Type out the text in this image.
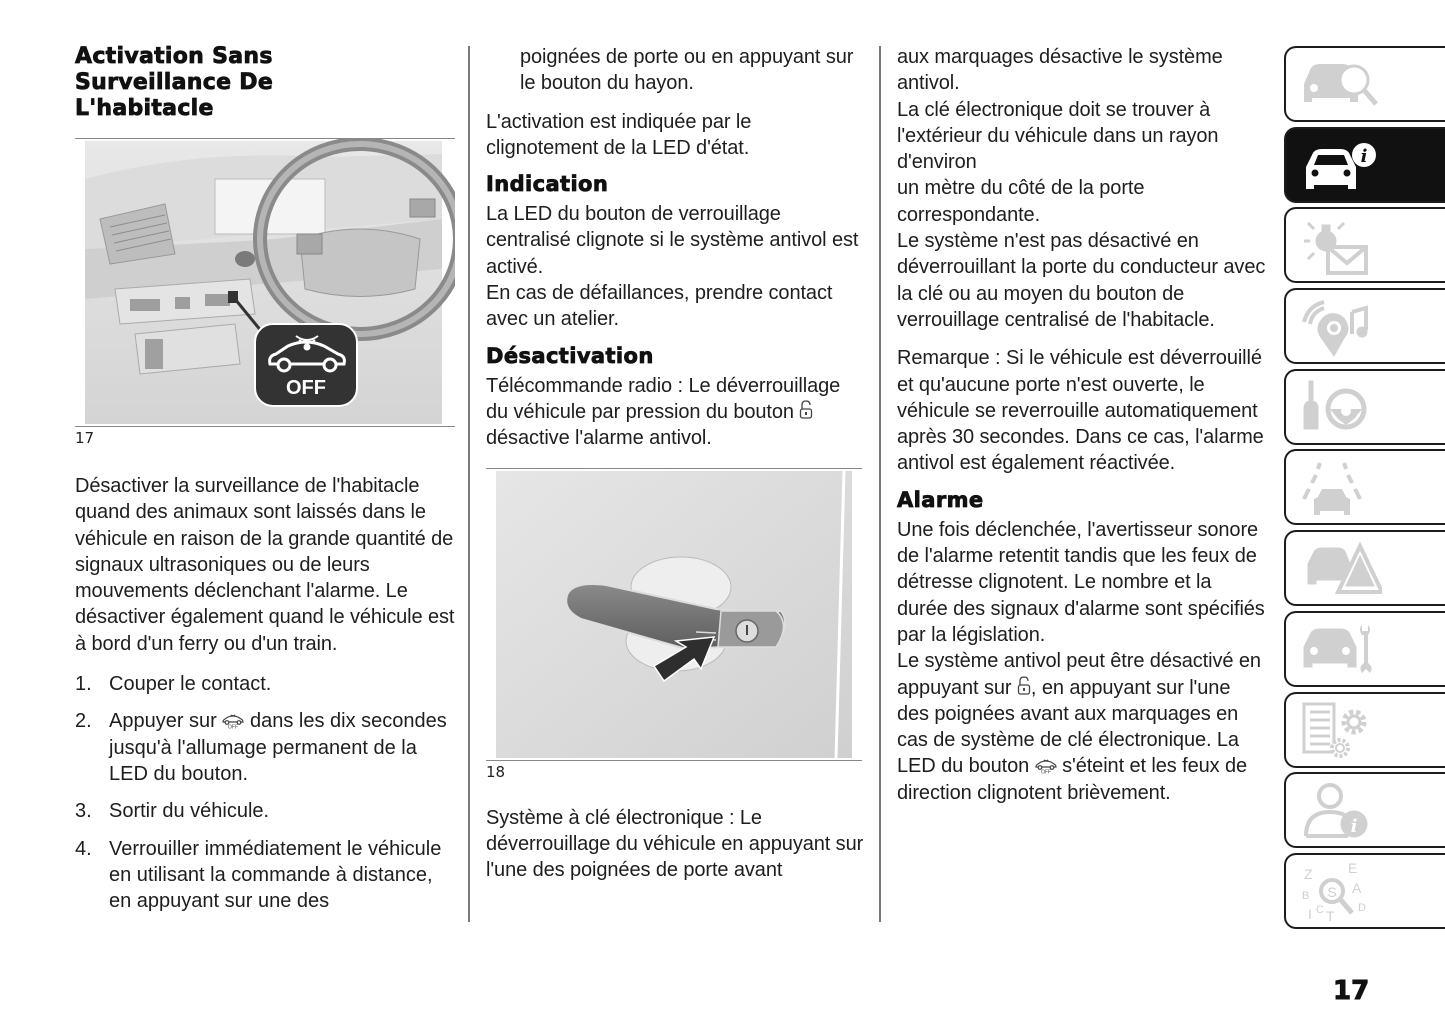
Activation Sans
Surveillance De
L'habitacle
OFF
17

Désactiver la surveillance de l'habitacle quand des animaux sont laissés dans le véhicule en raison de la grande quantité de signaux ultrasoniques ou de leurs mouvements déclenchant l'alarme. Le désactiver également quand le véhicule est à bord d'un ferry ou d'un train.

1. Couper le contact.
2. Appuyer sur OFF dans les dix secondes jusqu'à l'allumage permanent de la LED du bouton.
3. Sortir du véhicule.
4. Verrouiller immédiatement le véhicule en utilisant la commande à distance, en appuyant sur une des

poignées de porte ou en appuyant sur le bouton du hayon.

L'activation est indiquée par le clignotement de la LED d'état.

Indication

La LED du bouton de verrouillage centralisé clignote si le système antivol est activé.

En cas de défaillances, prendre contact avec un atelier.

Désactivation

Télécommande radio : Le déverrouillage du véhicule par pression du bouton  désactive l'alarme antivol.

18

Système à clé électronique : Le déverrouillage du véhicule en appuyant sur l'une des poignées de porte avant

aux marquages désactive le système antivol.

La clé électronique doit se trouver à l'extérieur du véhicule dans un rayon d'environ

un mètre du côté de la porte correspondante.

Le système n'est pas désactivé en déverrouillant la porte du conducteur avec la clé ou au moyen du bouton de verrouillage centralisé de l'habitacle.

Remarque : Si le véhicule est déverrouillé et qu'aucune porte n'est ouverte, le véhicule se reverrouille automatiquement après 30 secondes. Dans ce cas, l'alarme antivol est également réactivée.

Alarme

Une fois déclenchée, l'avertisseur sonore de l'alarme retentit tandis que les feux de détresse clignotent. Le nombre et la durée des signaux d'alarme sont spécifiés par la législation.

Le système antivol peut être désactivé en appuyant sur , en appuyant sur l'une des poignées avant aux marquages en cas de système de clé électronique. La LED du bouton OFF s'éteint et les feux de direction clignotent brièvement.

i
i
Z	E
A
B
I C T D
S
17
